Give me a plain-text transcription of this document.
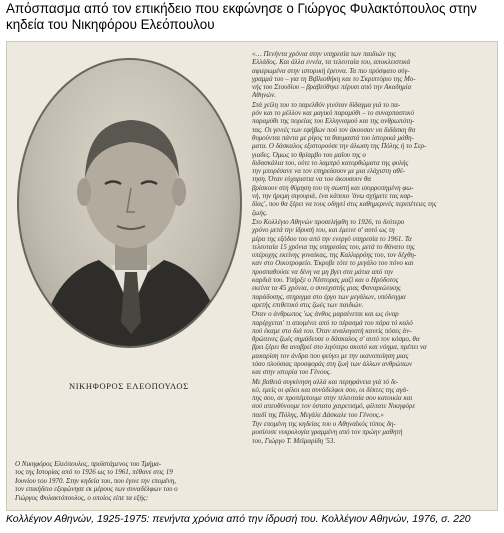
Απόσπασμα από τον επικήδειο που εκφώνησε ο Γιώργος Φυλακτόπουλος στην κηδεία του Νικηφόρου Ελεόπουλου
ΝΙΚΗΦΟΡΟΣ ΕΛΕΟΠΟΥΛΟΣ
Ο Νικηφόρος Ελεόπουλος, προϊστάμενος του Τμήμα-
τος της Ιστορίας από το 1926 ως το 1961, πέθανε στις 19
Ιουνίου του 1970. Στην κηδεία του, που έγινε την επομένη,
τον επικήδειο εξεφώνησε εκ μέρους των συναδέλφων του ο
Γιώργος Φυλακτόπουλος, ο οποίος είπε τα εξής:

«… Πενήντα χρόνια στην υπηρεσία των παιδιών της
Ελλάδος. Και άλλα εννέα, τα τελευταία του, αποκλειστικά
αφιερωμένα στην ιστορική έρευνα. Τα πιο πρόσφατο σύγ-
γραμμά του – για τη Βιβλιοθήκη και το Σκριπτόριο της Μο-
νής του Στουδίου – βραβεύθηκε πέρυσι από την Ακαδημία
Αθηνών.

Στά χείλη του το παρελθόν γινόταν δίδαγμα γιά το πα-
ρόν και το μέλλον και μαγικό παραμύθι – το συναρπαστικό
παραμύθι της πορείας του Ελληνισμού και της ανθρωπότη-
τας. Οι γενιές των εφήβων πού τον άκουσαν να διδάσκη θα
θυμούνται πάντα με ρίγος τα θαυμαστά του ίστορικά μάθη-
ματα. Ο δάσκαλος εξιστορούσε την άλωση της Πόλης ή το Σερ-
γιαδες. Όμως το θρίαμβο του μαΐου της ο
διδασκάλια του, ούτε το λαμπρό κατορθώματα της φυλής
την μπορέσανε να τον επηρεάσουν με μια ελάχιστη αθέ-
τηση. Όταν εύχαριστια να του άκουσουν θα
βρίσκουν στη θύμηση του τη σωστή και ισορροπημένη φω-
νή, την ήρεμη σιγουριά, ένα κάποιο 'άνω σχήμετε τας καρ-
δίας', που θα ξέρει να τους οδηγεί στις καθημερινές περιπέτειες της
ζωής.

Στο Κολλέγιο Αθηνών προσελήφθη το 1926, το δεύτερο
χρόνο μετά την ίδρυσή του, και έμεινε σ' αυτό ως τη
μέρα της εξόδου του από την ενεργό υπηρεσία το 1961. Τα
τελευταία 15 χρόνια της υπηρεσίας του, μετά το θάνατο της
υπέροχης εκείνης γυναίκας, της Καλλιρρόης του, τον δέχθη-
καν στο Οικοτροφείο. Έκρυβε τότε το μεγάλο του πόνο και
προσπαθούσε να δίνη να μη βγει στα μάτια από την
καρδιά του. Υπήρξε ο Νέστορας μαζί και ο Ηρόδοτος
εκείνα τα 45 χρόνια, ο συνεχιστής μιας Φαναριώτικης
παράδοσης, στηριγμα στο έργο των μεγάλων, υπόδειγμα
αρετής επιθετικό στις ζωές των παιδιών.

Όταν ο άνθρωπος 'ως άνθος μαραίνεται και ως όναρ
παρέρχεται' τι απομένει από το πέρασμά του πάρα τό καλό
πού έκαμε στο διά του. Όταν αναλογιστή κανείς πόσες άν-
θρώπινες ζωές σημάδευσε ο δάσκαλος σ' αυτό τον κόσμο, θα
βρει ξέρει θα αναβρεί στο λιγότερο σκοπό και νόημα, πρέπει να
μακαρίση τον άνδρα που φεύγει με την ικανοποίηση μιας
τόσο πλούσιας προσφοράς στη ζωή των άλλων ανθρώπων
και στην ιστορία του Γένους.

Με βαθειά συγκίνηση αλλά και περηφάνεια γιά τό δι-
κό, εμείς οι φίλοι και συνάδελφοι σου, οι δέκτες της αγά-
πης σου, σε προπέμπουμε στην τελευταία σου κατοικία και
σού απευθύνουμε τον ύστατο χαιρετισμό, φίλτατε Νικηφόρε
παιδί της Πόλης, Μεγάλε Δάσκαλε του Γένους.»

Την επομένη της κηδείας του ο Αθηναϊκός τύπος δη-
μοσίευσε νεκρολογία γραμμένη από τον πρώην μαθητή
του, Γιώργο Τ. Μεϊμαρίδη '53.

Κολλέγιον Αθηνών, 1925-1975: πενήντα χρόνια από την ίδρυσή του. Κολλέγιον Αθηνών, 1976, σ. 220
